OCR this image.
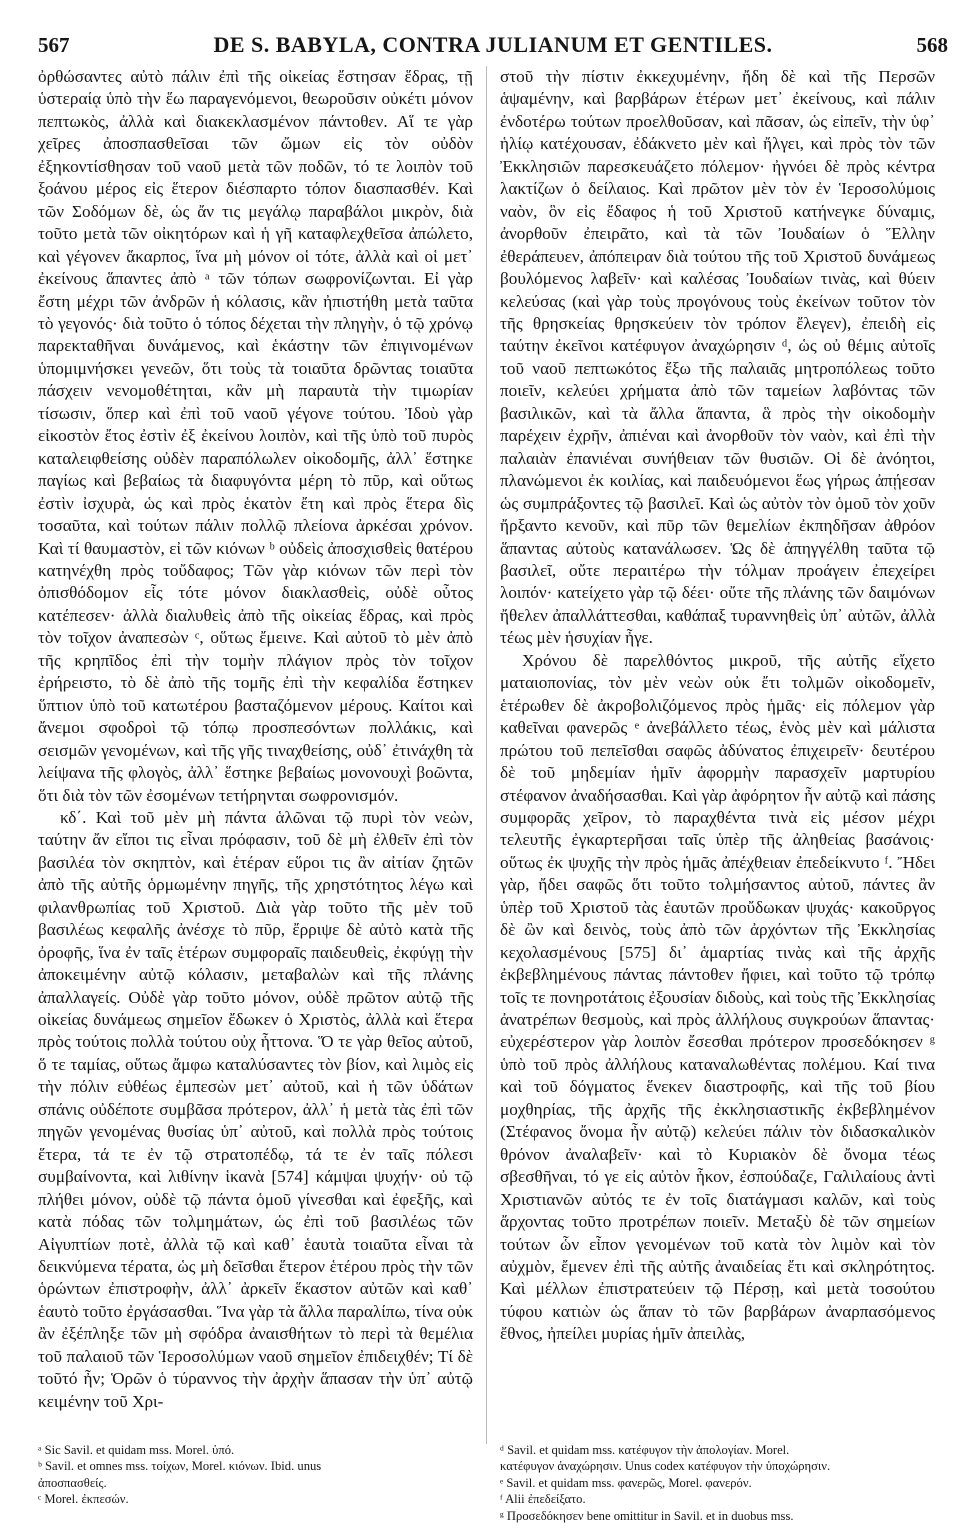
567	DE S. BABYLA, CONTRA JULIANUM ET GENTILES.	568

ὀρθώσαντες αὐτὸ πάλιν ἐπὶ τῆς οἰκείας ἔστησαν ἕδρας, τῇ ὑστεραίᾳ ὑπὸ τὴν ἕω παραγενόμενοι, θεωροῦσιν οὐκέτι μόνον πεπτωκὸς, ἀλλὰ καὶ διακεκλασμένον πάντοθεν. Αἵ τε γὰρ χεῖρες ἀποσπασθεῖσαι τῶν ὤμων εἰς τὸν οὐδὸν ἐξηκοντίσθησαν τοῦ ναοῦ μετὰ τῶν ποδῶν, τό τε λοιπὸν τοῦ ξοάνου μέρος εἰς ἕτερον διέσπαρτο τόπον διασπασθέν. Καὶ τῶν Σοδόμων δὲ, ὡς ἄν τις μεγάλῳ παραβάλοι μικρὸν, διὰ τοῦτο μετὰ τῶν οἰκητόρων καὶ ἡ γῆ καταφλεχθεῖσα ἀπώλετο, καὶ γέγονεν ἄκαρπος, ἵνα μὴ μόνον οἱ τότε, ἀλλὰ καὶ οἱ μετ᾽ ἐκείνους ἅπαντες ἀπὸ ᵃ τῶν τόπων σωφρονίζωνται. Εἰ γὰρ ἔστη μέχρι τῶν ἀνδρῶν ἡ κόλασις, κἂν ἠπιστήθη μετὰ ταῦτα τὸ γεγονός· διὰ τοῦτο ὁ τόπος δέχεται τὴν πληγὴν, ὁ τῷ χρόνῳ παρεκταθῆναι δυνάμενος, καὶ ἑκάστην τῶν ἐπιγινομένων ὑπομιμνήσκει γενεῶν, ὅτι τοὺς τὰ τοιαῦτα δρῶντας τοιαῦτα πάσχειν νενομοθέτηται, κἂν μὴ παραυτὰ τὴν τιμωρίαν τίσωσιν, ὅπερ καὶ ἐπὶ τοῦ ναοῦ γέγονε τούτου. Ἰδοὺ γὰρ εἰκοστὸν ἔτος ἐστὶν ἐξ ἐκείνου λοιπὸν, καὶ τῆς ὑπὸ τοῦ πυρὸς καταλειφθείσης οὐδὲν παραπόλωλεν οἰκοδομῆς, ἀλλ᾽ ἕστηκε παγίως καὶ βεβαίως τὰ διαφυγόντα μέρη τὸ πῦρ, καὶ οὕτως ἐστὶν ἰσχυρὰ, ὡς καὶ πρὸς ἑκατὸν ἔτη καὶ πρὸς ἕτερα δὶς τοσαῦτα, καὶ τούτων πάλιν πολλῷ πλείονα ἀρκέσαι χρόνον. Καὶ τί θαυμαστὸν, εἰ τῶν κιόνων ᵇ οὐδεὶς ἀποσχισθεὶς θατέρου κατηνέχθη πρὸς τοὔδαφος; Τῶν γὰρ κιόνων τῶν περὶ τὸν ὀπισθόδομον εἷς τότε μόνον διακλασθεὶς, οὐδὲ οὗτος κατέπεσεν· ἀλλὰ διαλυθεὶς ἀπὸ τῆς οἰκείας ἕδρας, καὶ πρὸς τὸν τοῖχον ἀναπεσὼν ᶜ, οὕτως ἔμεινε. Καὶ αὐτοῦ τὸ μὲν ἀπὸ τῆς κρηπῖδος ἐπὶ τὴν τομὴν πλάγιον πρὸς τὸν τοῖχον ἐρήρειστο, τὸ δὲ ἀπὸ τῆς τομῆς ἐπὶ τὴν κεφαλίδα ἕστηκεν ὕπτιον ὑπὸ τοῦ κατωτέρου βασταζόμενον μέρους. Καίτοι καὶ ἄνεμοι σφοδροὶ τῷ τόπῳ προσπεσόντων πολλάκις, καὶ σεισμῶν γενομένων, καὶ τῆς γῆς τιναχθείσης, οὐδ᾽ ἐτινάχθη τὰ λείψανα τῆς φλογὸς, ἀλλ᾽ ἕστηκε βεβαίως μονονουχὶ βοῶντα, ὅτι διὰ τὸν τῶν ἐσομένων τετήρηνται σωφρονισμόν.

κδ΄. Καὶ τοῦ μὲν μὴ πάντα ἁλῶναι τῷ πυρὶ τὸν νεὼν, ταύτην ἄν εἴποι τις εἶναι πρόφασιν, τοῦ δὲ μὴ ἐλθεῖν ἐπὶ τὸν βασιλέα τὸν σκηπτὸν, καὶ ἑτέραν εὕροι τις ἂν αἰτίαν ζητῶν ἀπὸ τῆς αὐτῆς ὁρμωμένην πηγῆς, τῆς χρηστότητος λέγω καὶ φιλανθρωπίας τοῦ Χριστοῦ. Διὰ γὰρ τοῦτο τῆς μὲν τοῦ βασιλέως κεφαλῆς ἀνέσχε τὸ πῦρ, ἔρριψε δὲ αὐτὸ κατὰ τῆς ὀροφῆς, ἵνα ἐν ταῖς ἑτέρων συμφοραῖς παιδευθεὶς, ἐκφύγῃ τὴν ἀποκειμένην αὐτῷ κόλασιν, μεταβαλὼν καὶ τῆς πλάνης ἀπαλλαγείς. Οὐδὲ γὰρ τοῦτο μόνον, οὐδὲ πρῶτον αὐτῷ τῆς οἰκείας δυνάμεως σημεῖον ἔδωκεν ὁ Χριστὸς, ἀλλὰ καὶ ἕτερα πρὸς τούτοις πολλὰ τούτου οὐχ ἧττονα. Ὅ τε γὰρ θεῖος αὐτοῦ, ὅ τε ταμίας, οὕτως ἄμφω καταλύσαντες τὸν βίον, καὶ λιμὸς εἰς τὴν πόλιν εὐθέως ἐμπεσὼν μετ᾽ αὐτοῦ, καὶ ἡ τῶν ὑδάτων σπάνις οὐδέποτε συμβᾶσα πρότερον, ἀλλ᾽ ἡ μετὰ τὰς ἐπὶ τῶν πηγῶν γενομένας θυσίας ὑπ᾽ αὐτοῦ, καὶ πολλὰ πρὸς τούτοις ἕτερα, τά τε ἐν τῷ στρατοπέδῳ, τά τε ἐν ταῖς πόλεσι συμβαίνοντα, καὶ λιθίνην ἱκανὰ [574] κάμψαι ψυχήν· οὐ τῷ πλήθει μόνον, οὐδὲ τῷ πάντα ὁμοῦ γίνεσθαι καὶ ἐφεξῆς, καὶ κατὰ πόδας τῶν τολμημάτων, ὡς ἐπὶ τοῦ βασιλέως τῶν Αἰγυπτίων ποτὲ, ἀλλὰ τῷ καὶ καθ᾽ ἑαυτὰ τοιαῦτα εἶναι τὰ δεικνύμενα τέρατα, ὡς μὴ δεῖσθαι ἕτερον ἑτέρου πρὸς τὴν τῶν ὁρώντων ἐπιστροφὴν, ἀλλ᾽ ἀρκεῖν ἕκαστον αὐτῶν καὶ καθ᾽ ἑαυτὸ τοῦτο ἐργάσασθαι. Ἵνα γὰρ τὰ ἄλλα παραλίπω, τίνα οὐκ ἂν ἐξέπληξε τῶν μὴ σφόδρα ἀναισθήτων τὸ περὶ τὰ θεμέλια τοῦ παλαιοῦ τῶν Ἱεροσολύμων ναοῦ σημεῖον ἐπιδειχθέν; Τί δὲ τοῦτό ἦν; Ὁρῶν ὁ τύραννος τὴν ἀρχὴν ἅπασαν τὴν ὑπ᾽ αὐτῷ κειμένην τοῦ Χρι-

στοῦ τὴν πίστιν ἐκκεχυμένην, ἤδη δὲ καὶ τῆς Περσῶν ἁψαμένην, καὶ βαρβάρων ἑτέρων μετ᾽ ἐκείνους, καὶ πάλιν ἐνδοτέρω τούτων προελθοῦσαν, καὶ πᾶσαν, ὡς εἰπεῖν, τὴν ὑφ᾽ ἡλίῳ κατέχουσαν, ἐδάκνετο μὲν καὶ ἤλγει, καὶ πρὸς τὸν τῶν Ἐκκλησιῶν παρεσκευάζετο πόλεμον· ἠγνόει δὲ πρὸς κέντρα λακτίζων ὁ δείλαιος. Καὶ πρῶτον μὲν τὸν ἐν Ἱεροσολύμοις ναὸν, ὃν εἰς ἔδαφος ἡ τοῦ Χριστοῦ κατήνεγκε δύναμις, ἀνορθοῦν ἐπειρᾶτο, καὶ τὰ τῶν Ἰουδαίων ὁ Ἕλλην ἐθεράπευεν, ἀπόπειραν διὰ τούτου τῆς τοῦ Χριστοῦ δυνάμεως βουλόμενος λαβεῖν· καὶ καλέσας Ἰουδαίων τινὰς, καὶ θύειν κελεύσας (καὶ γὰρ τοὺς προγόνους τοὺς ἐκείνων τοῦτον τὸν τῆς θρησκείας θρησκεύειν τὸν τρόπον ἔλεγεν), ἐπειδὴ εἰς ταύτην ἐκεῖνοι κατέφυγον ἀναχώρησιν ᵈ, ὡς οὐ θέμις αὐτοῖς τοῦ ναοῦ πεπτωκότος ἔξω τῆς παλαιᾶς μητροπόλεως τοῦτο ποιεῖν, κελεύει χρήματα ἀπὸ τῶν ταμείων λαβόντας τῶν βασιλικῶν, καὶ τὰ ἄλλα ἅπαντα, ἃ πρὸς τὴν οἰκοδομὴν παρέχειν ἐχρῆν, ἀπιέναι καὶ ἀνορθοῦν τὸν ναὸν, καὶ ἐπὶ τὴν παλαιὰν ἐπανιέναι συνήθειαν τῶν θυσιῶν. Οἱ δὲ ἀνόητοι, πλανώμενοι ἐκ κοιλίας, καὶ παιδευόμενοι ἕως γήρως ἀπῄεσαν ὡς συμπράξοντες τῷ βασιλεῖ. Καὶ ὡς αὐτὸν τὸν ὁμοῦ τὸν χοῦν ἤρξαντο κενοῦν, καὶ πῦρ τῶν θεμελίων ἐκπηδῆσαν ἀθρόον ἅπαντας αὐτοὺς κατανάλωσεν. Ὡς δὲ ἀπηγγέλθη ταῦτα τῷ βασιλεῖ, οὔτε περαιτέρω τὴν τόλμαν προάγειν ἐπεχείρει λοιπόν· κατείχετο γὰρ τῷ δέει· οὔτε τῆς πλάνης τῶν δαιμόνων ἤθελεν ἀπαλλάττεσθαι, καθάπαξ τυραννηθεὶς ὑπ᾽ αὐτῶν, ἀλλὰ τέως μὲν ἡσυχίαν ἦγε.

Χρόνου δὲ παρελθόντος μικροῦ, τῆς αὐτῆς εἴχετο ματαιοπονίας, τὸν μὲν νεὼν οὐκ ἔτι τολμῶν οἰκοδομεῖν, ἑτέρωθεν δὲ ἀκροβολιζόμενος πρὸς ἡμᾶς· εἰς πόλεμον γὰρ καθεῖναι φανερῶς ᵉ ἀνεβάλλετο τέως, ἑνὸς μὲν καὶ μάλιστα πρώτου τοῦ πεπεῖσθαι σαφῶς ἀδύνατος ἐπιχειρεῖν· δευτέρου δὲ τοῦ μηδεμίαν ἡμῖν ἀφορμὴν παρασχεῖν μαρτυρίου στέφανον ἀναδήσασθαι. Καὶ γὰρ ἀφόρητον ἦν αὐτῷ καὶ πάσης συμφορᾶς χεῖρον, τὸ παραχθέντα τινὰ εἰς μέσον μέχρι τελευτῆς ἐγκαρτερῆσαι ταῖς ὑπὲρ τῆς ἀληθείας βασάνοις· οὕτως ἐκ ψυχῆς τὴν πρὸς ἡμᾶς ἀπέχθειαν ἐπεδείκνυτο ᶠ. Ἤδει γὰρ, ἤδει σαφῶς ὅτι τοῦτο τολμήσαντος αὐτοῦ, πάντες ἂν ὑπὲρ τοῦ Χριστοῦ τὰς ἑαυτῶν προὔδωκαν ψυχάς· κακοῦργος δὲ ὢν καὶ δεινὸς, τοὺς ἀπὸ τῶν ἀρχόντων τῆς Ἐκκλησίας κεχολασμένους [575] δι᾽ ἁμαρτίας τινὰς καὶ τῆς ἀρχῆς ἐκβεβλημένους πάντας πάντοθεν ἤφιει, καὶ τοῦτο τῷ τρόπῳ τοῖς τε πονηροτάτοις ἐξουσίαν διδοὺς, καὶ τοὺς τῆς Ἐκκλησίας ἀνατρέπων θεσμοὺς, καὶ πρὸς ἀλλήλους συγκρούων ἅπαντας· εὐχερέστερον γὰρ λοιπὸν ἔσεσθαι πρότερον προσεδόκησεν ᵍ ὑπὸ τοῦ πρὸς ἀλλήλους καταναλωθέντας πολέμου. Καί τινα καὶ τοῦ δόγματος ἕνεκεν διαστροφῆς, καὶ τῆς τοῦ βίου μοχθηρίας, τῆς ἀρχῆς τῆς ἐκκλησιαστικῆς ἐκβεβλημένον (Στέφανος ὄνομα ἦν αὐτῷ) κελεύει πάλιν τὸν διδασκαλικὸν θρόνον ἀναλαβεῖν· καὶ τὸ Κυριακὸν δὲ ὄνομα τέως σβεσθῆναι, τό γε εἰς αὐτὸν ἧκον, ἐσπούδαζε, Γαλιλαίους ἀντὶ Χριστιανῶν αὐτός τε ἐν τοῖς διατάγμασι καλῶν, καὶ τοὺς ἄρχοντας τοῦτο προτρέπων ποιεῖν. Μεταξὺ δὲ τῶν σημείων τούτων ὧν εἶπον γενομένων τοῦ κατὰ τὸν λιμὸν καὶ τὸν αὐχμὸν, ἔμενεν ἐπὶ τῆς αὐτῆς ἀναιδείας ἔτι καὶ σκληρότητος. Καὶ μέλλων ἐπιστρατεύειν τῷ Πέρσῃ, καὶ μετὰ τοσούτου τύφου κατιὼν ὡς ἅπαν τὸ τῶν βαρβάρων ἀναρπασόμενος ἔθνος, ἠπείλει μυρίας ἡμῖν ἀπειλὰς,

ᵃ Sic Savil. et quidam mss. Morel. ὑπό.
ᵇ Savil. et omnes mss. τοίχων, Morel. κιόνων. Ibid. unus
ἀποσπασθείς.
ᶜ Morel. ἐκπεσών.
ᵈ Savil. et quidam mss. κατέφυγον τὴν ἀπολογίαν. Morel.
κατέφυγον ἀναχώρησιν. Unus codex κατέφυγον τὴν ὑποχώρησιν.
ᵉ Savil. et quidam mss. φανερῶς, Morel. φανερόν.
ᶠ Alii ἐπεδείξατο.
ᵍ Προσεδόκησεν bene omittitur in Savil. et in duobus mss.
